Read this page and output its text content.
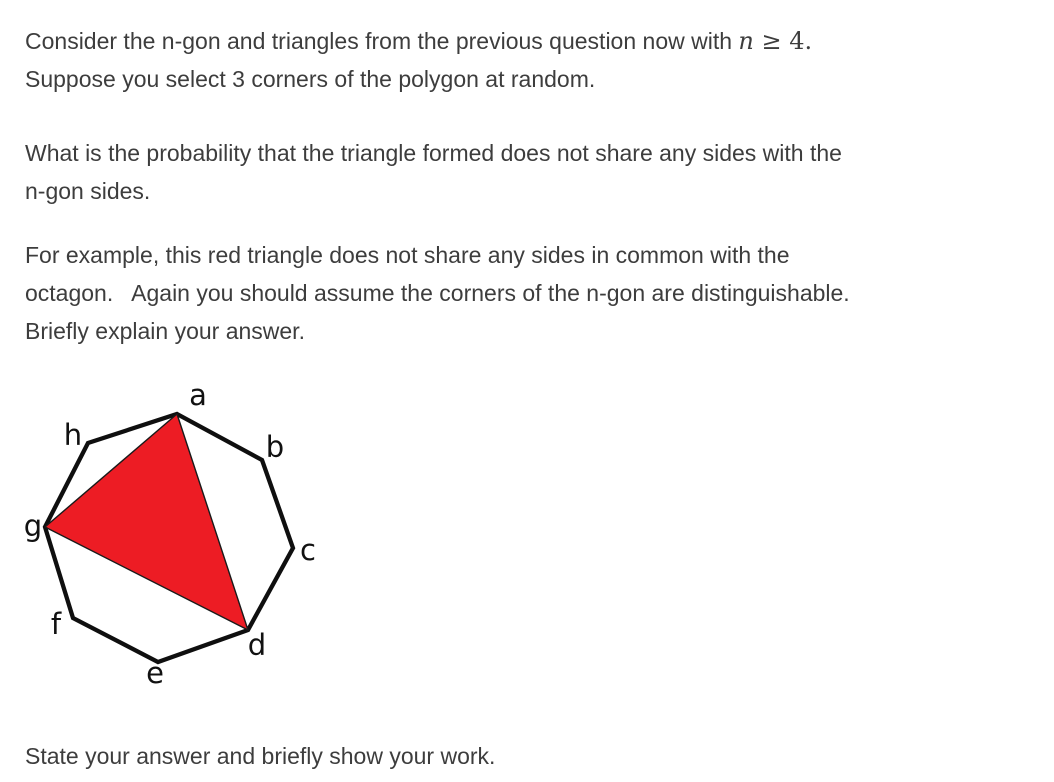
Consider the n-gon and triangles from the previous question now with n ≥ 4.
Suppose you select 3 corners of the polygon at random.

What is the probability that the triangle formed does not share any sides with the
n-gon sides.

For example, this red triangle does not share any sides in common with the
octagon.   Again you should assume the corners of the n-gon are distinguishable.
Briefly explain your answer.

a
b
c
d
e
f
g
h

State your answer and briefly show your work.
